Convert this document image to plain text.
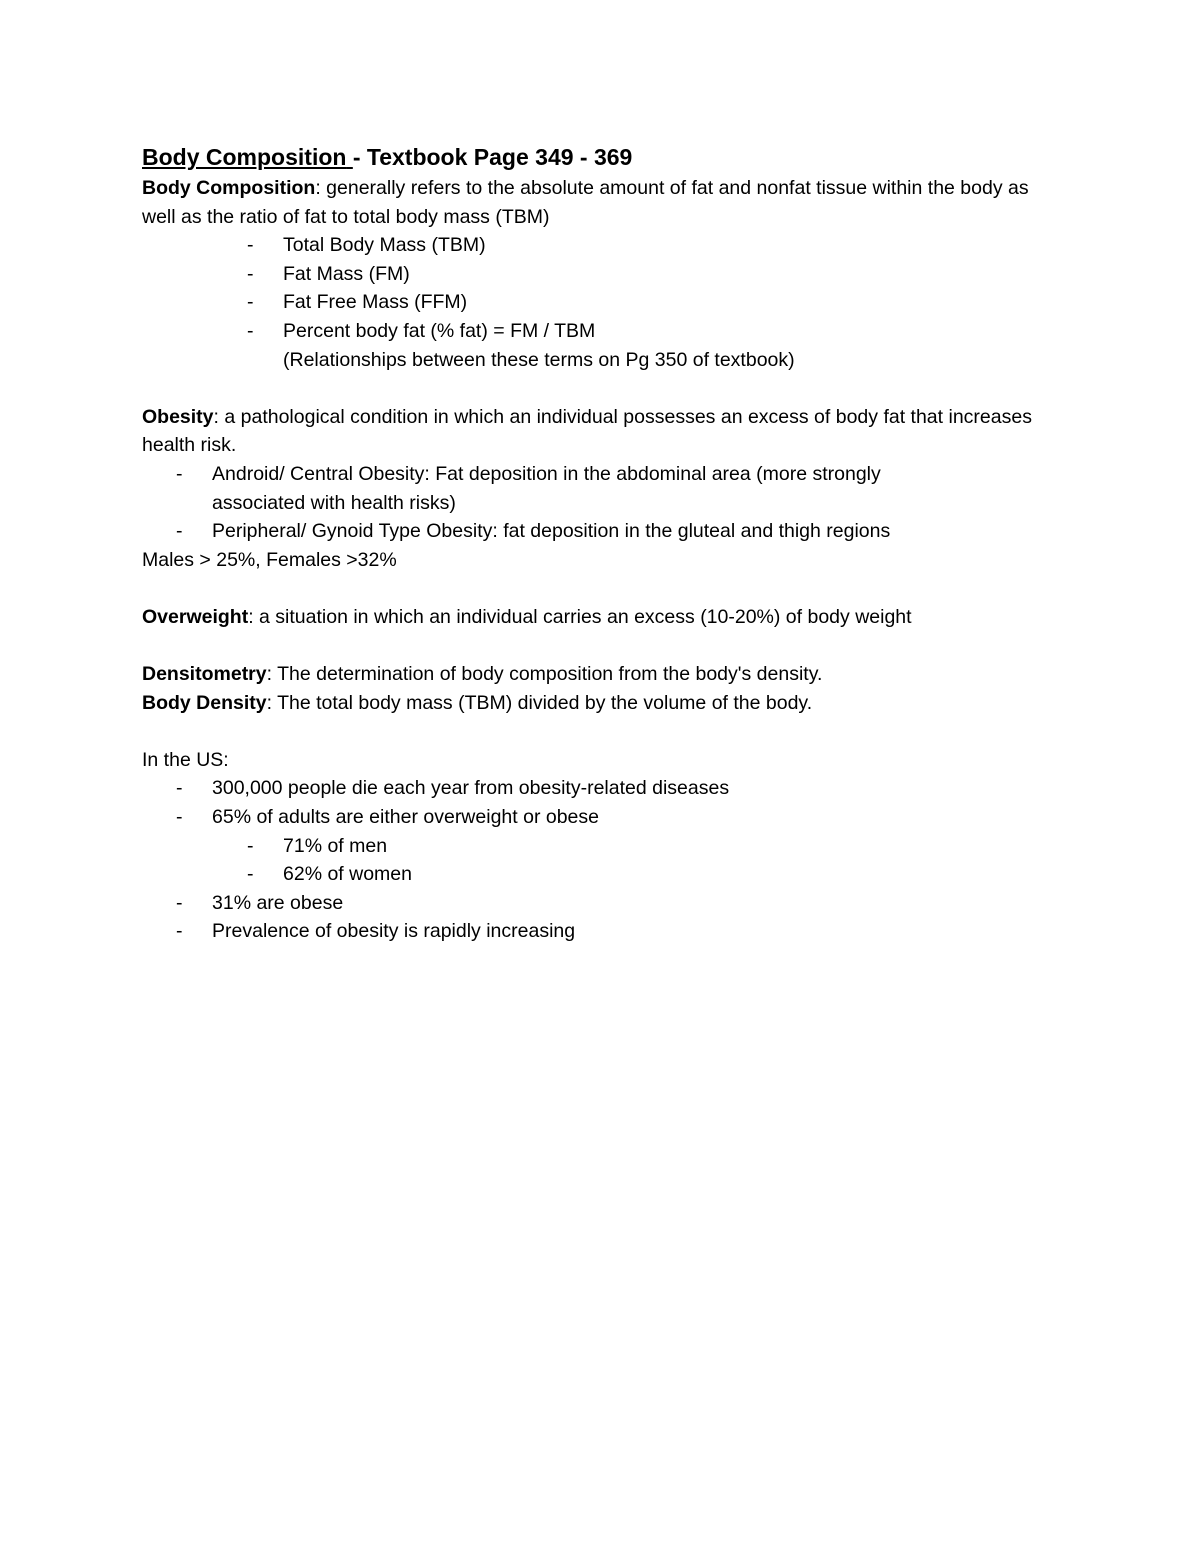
Body Composition - Textbook Page 349 - 369

Body Composition: generally refers to the absolute amount of fat and nonfat tissue within the body as well as the ratio of fat to total body mass (TBM)

-	Total Body Mass (TBM)
-	Fat Mass (FM)
-	Fat Free Mass (FFM)
-	Percent body fat (% fat) = FM / TBM
(Relationships between these terms on Pg 350 of textbook)

Obesity: a pathological condition in which an individual possesses an excess of body fat that increases health risk.

-	Android/ Central Obesity: Fat deposition in the abdominal area (more strongly associated with health risks)
-	Peripheral/ Gynoid Type Obesity: fat deposition in the gluteal and thigh regions

Males > 25%, Females >32%

Overweight: a situation in which an individual carries an excess (10-20%) of body weight

Densitometry: The determination of body composition from the body's density.

Body Density: The total body mass (TBM) divided by the volume of the body.

In the US:

-	300,000 people die each year from obesity-related diseases
-	65% of adults are either overweight or obese
-	71% of men
-	62% of women
-	31% are obese
-	Prevalence of obesity is rapidly increasing
